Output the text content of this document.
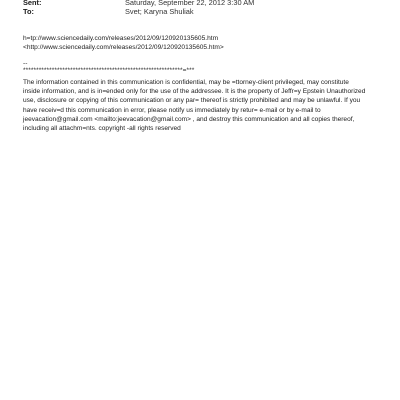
Sent:	Saturday, September 22, 2012 3:30 AM
To:	Svet; Karyna Shuliak
h=tp://www.sciencedaily.com/releases/2012/09/120920135605.htm
<http://www.sciencedaily.com/releases/2012/09/120920135605.htm>
--
*************************************************************=***
The information contained in this communication is confidential, may be =ttorney-client privileged, may constitute
inside information, and is in=ended only for the use of the addressee. It is the property of Jeffr=y Epstein Unauthorized
use, disclosure or copying of this communication or any par= thereof is strictly prohibited and may be unlawful. If you
have receiv=d this communication in error, please notify us immediately by retur= e-mail or by e-mail to
jeevacation@gmail.com <mailto:jeevacation@gmail.com> , and destroy this communication and all copies thereof,
including all attachm=nts. copyright -all rights reserved
